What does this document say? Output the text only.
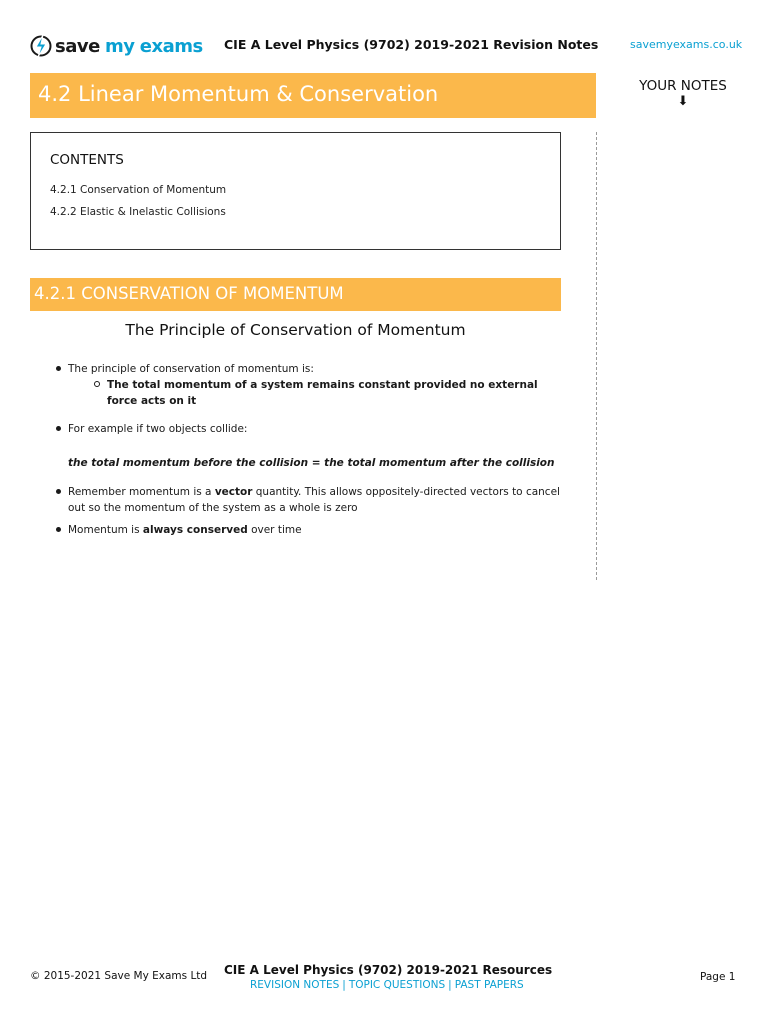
save my exams CIE A Level Physics (9702) 2019-2021 Revision Notes	savemyexams.co.uk
4.2 Linear Momentum & Conservation	YOUR NOTES
⬇
CONTENTS
4.2.1 Conservation of Momentum
4.2.2 Elastic & Inelastic Collisions
4.2.1 CONSERVATION OF MOMENTUM
The Principle of Conservation of Momentum
The principle of conservation of momentum is:
The total momentum of a system remains constant provided no external
force acts on it
For example if two objects collide:
the total momentum before the collision = the total momentum after the collision
Remember momentum is a vector quantity. This allows oppositely-directed vectors to cancel
out so the momentum of the system as a whole is zero
Momentum is always conserved over time
© 2015-2021 Save My Exams Ltd CIE A Level Physics (9702) 2019-2021 Resources
REVISION NOTES | TOPIC QUESTIONS | PAST PAPERS
Page 1
